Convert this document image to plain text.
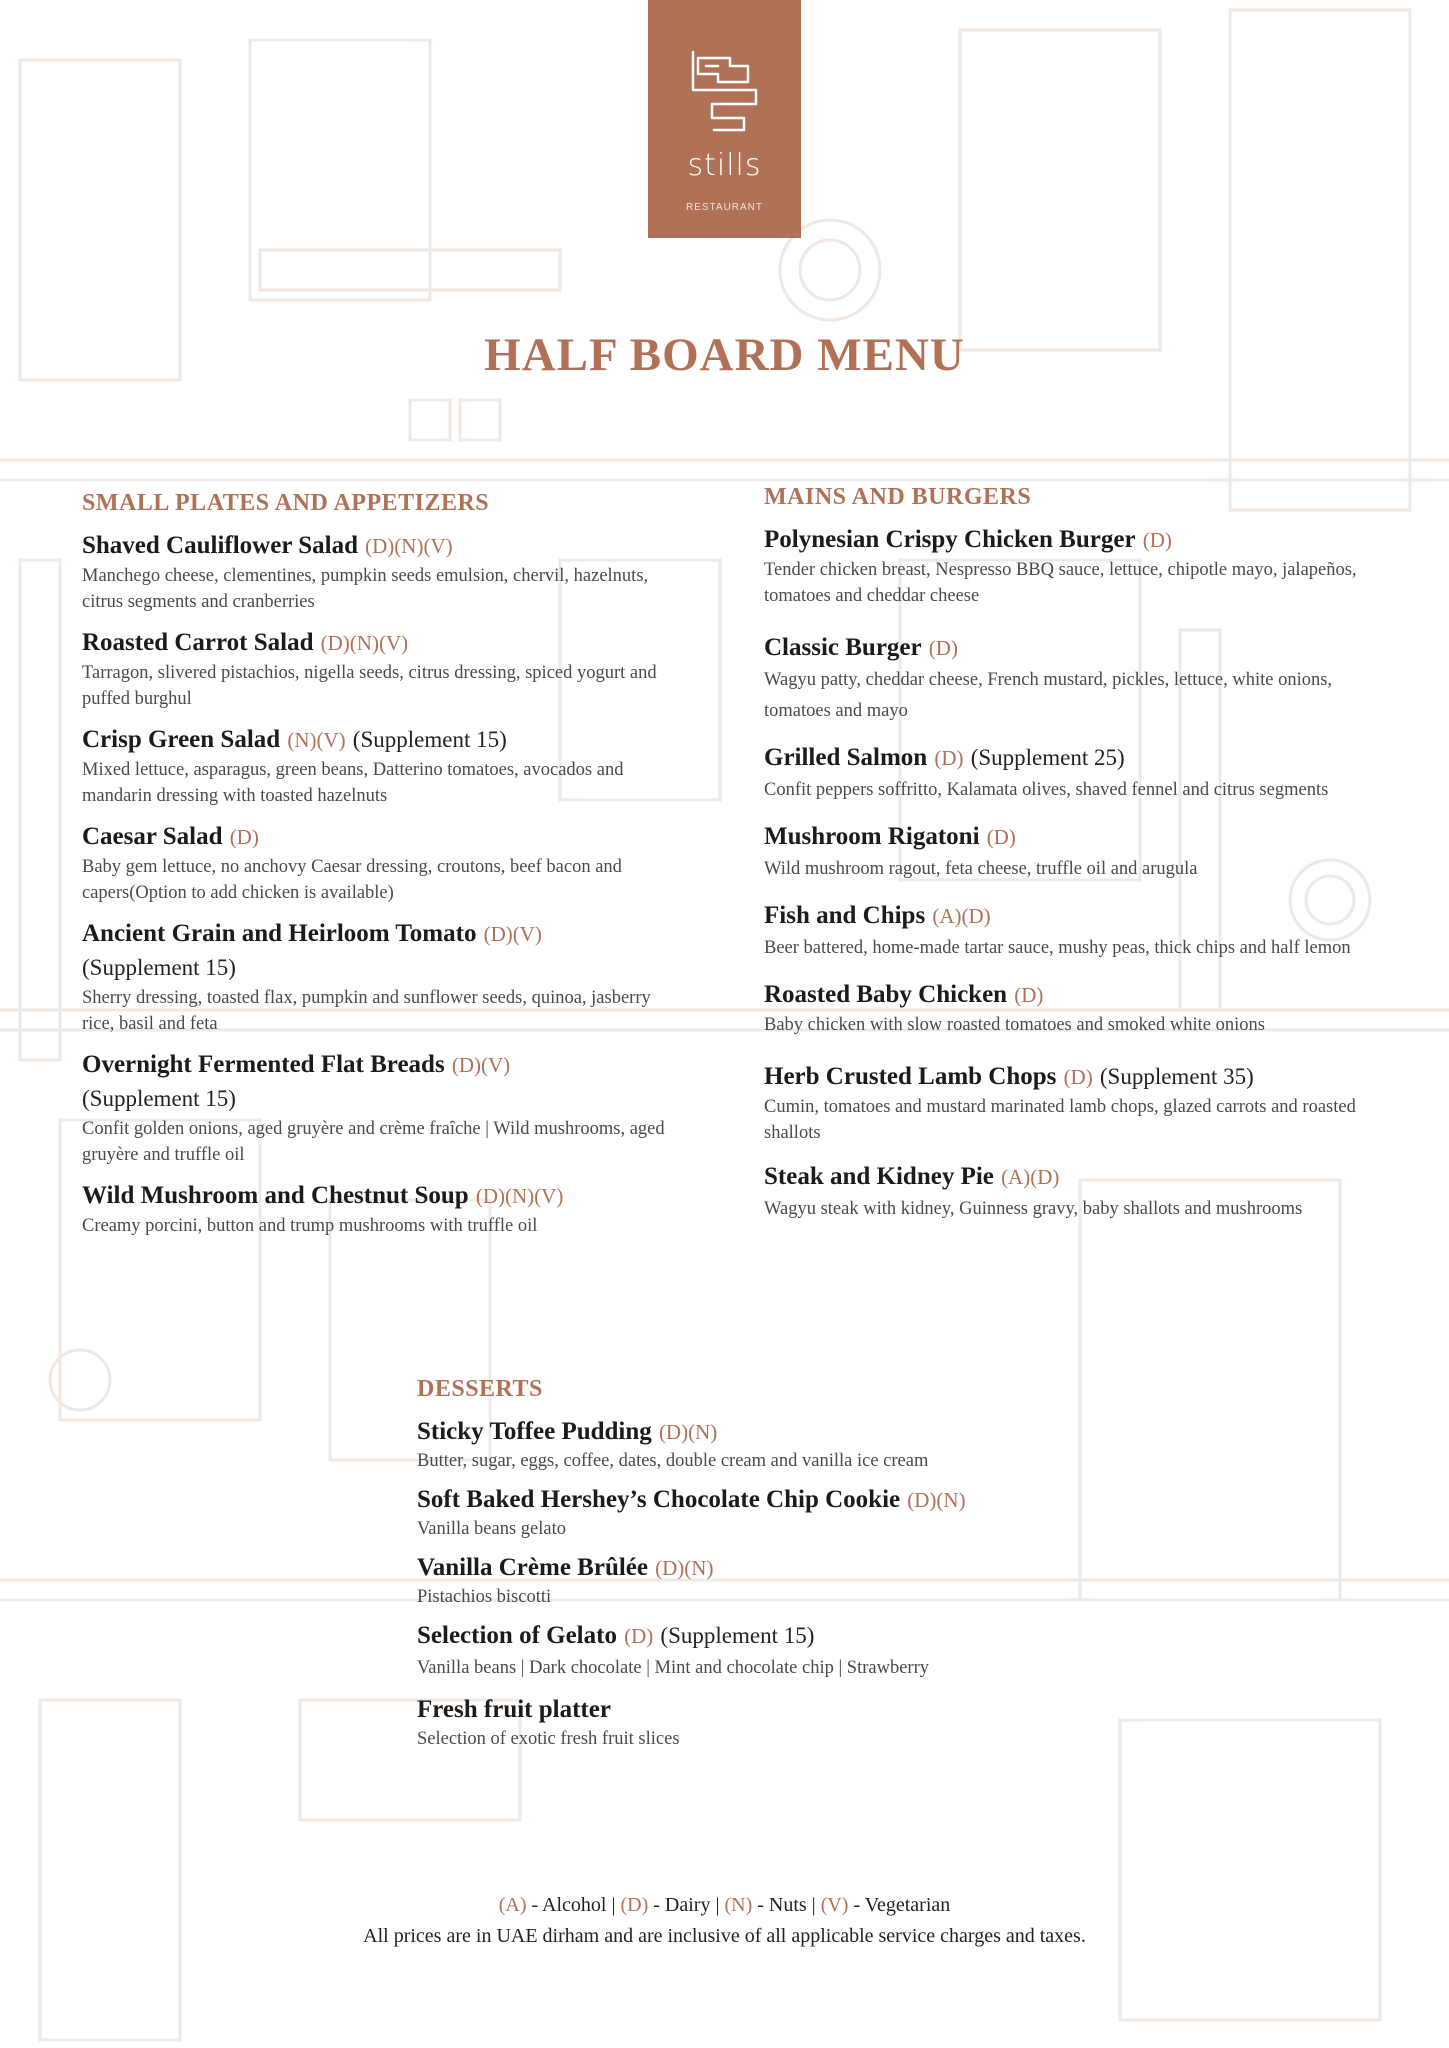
stills
RESTAURANT
HALF BOARD MENU
SMALL PLATES AND APPETIZERS
Shaved Cauliflower Salad (D)(N)(V)

Manchego cheese, clementines, pumpkin seeds emulsion, chervil, hazelnuts, citrus segments and cranberries

Roasted Carrot Salad (D)(N)(V)

Tarragon, slivered pistachios, nigella seeds, citrus dressing, spiced yogurt and puffed burghul

Crisp Green Salad (N)(V) (Supplement 15)

Mixed lettuce, asparagus, green beans, Datterino tomatoes, avocados and mandarin dressing with toasted hazelnuts

Caesar Salad (D)

Baby gem lettuce, no anchovy Caesar dressing, croutons, beef bacon and capers(Option to add chicken is available)

Ancient Grain and Heirloom Tomato (D)(V)
(Supplement 15)

Sherry dressing, toasted flax, pumpkin and sunflower seeds, quinoa, jasberry rice, basil and feta

Overnight Fermented Flat Breads (D)(V)
(Supplement 15)

Confit golden onions, aged gruyère and crème fraîche | Wild mushrooms, aged gruyère and truffle oil

Wild Mushroom and Chestnut Soup (D)(N)(V)

Creamy porcini, button and trump mushrooms with truffle oil

MAINS AND BURGERS
Polynesian Crispy Chicken Burger (D)

Tender chicken breast, Nespresso BBQ sauce, lettuce, chipotle mayo, jalapeños, tomatoes and cheddar cheese

Classic Burger (D)

Wagyu patty, cheddar cheese, French mustard, pickles, lettuce, white onions, tomatoes and mayo

Grilled Salmon (D) (Supplement 25)

Confit peppers soffritto, Kalamata olives, shaved fennel and citrus segments

Mushroom Rigatoni (D)

Wild mushroom ragout, feta cheese, truffle oil and arugula

Fish and Chips (A)(D)

Beer battered, home-made tartar sauce, mushy peas, thick chips and half lemon

Roasted Baby Chicken (D)

Baby chicken with slow roasted tomatoes and smoked white onions

Herb Crusted Lamb Chops (D) (Supplement 35)

Cumin, tomatoes and mustard marinated lamb chops, glazed carrots and roasted shallots

Steak and Kidney Pie (A)(D)

Wagyu steak with kidney, Guinness gravy, baby shallots and mushrooms

DESSERTS
Sticky Toffee Pudding (D)(N)

Butter, sugar, eggs, coffee, dates, double cream and vanilla ice cream

Soft Baked Hershey’s Chocolate Chip Cookie (D)(N)

Vanilla beans gelato

Vanilla Crème Brûlée (D)(N)

Pistachios biscotti

Selection of Gelato (D) (Supplement 15)

Vanilla beans | Dark chocolate | Mint and chocolate chip | Strawberry

Fresh fruit platter

Selection of exotic fresh fruit slices

(A) - Alcohol | (D) - Dairy | (N) - Nuts | (V) - Vegetarian
All prices are in UAE dirham and are inclusive of all applicable service charges and taxes.
